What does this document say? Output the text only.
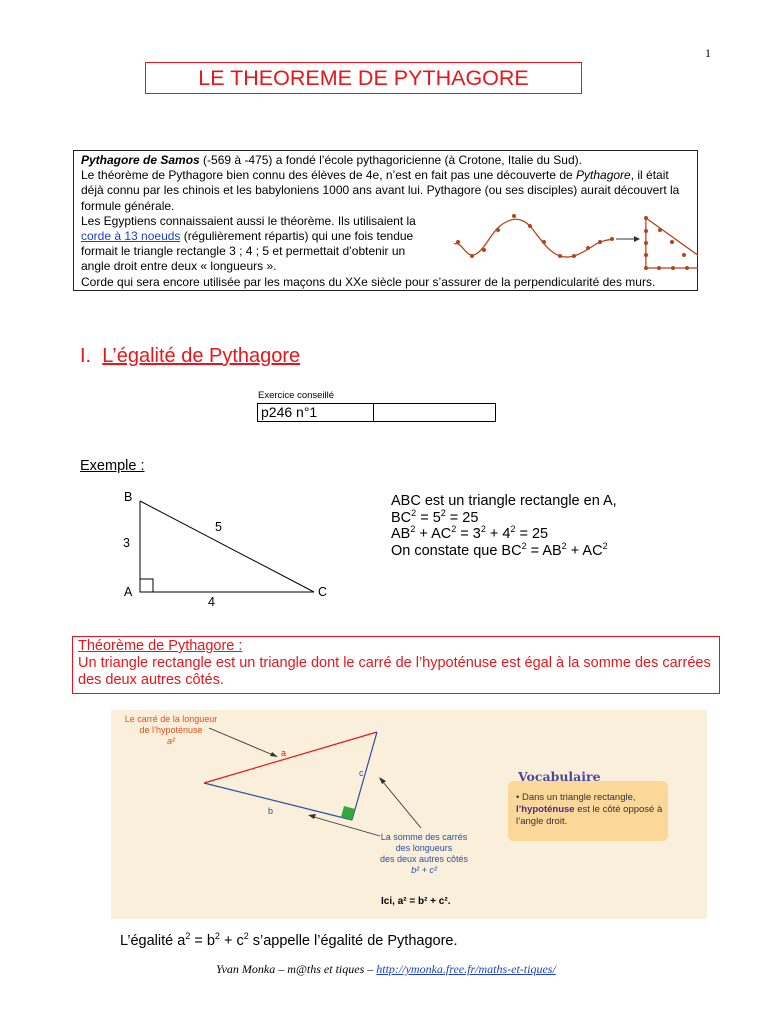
1
LE THEOREME DE PYTHAGORE

Pythagore de Samos (-569 à -475) a fondé l’école pythagoricienne (à Crotone, Italie du Sud).

Le théorème de Pythagore bien connu des élèves de 4e, n’est en fait pas une découverte de Pythagore, il était déjà connu par les chinois et les babyloniens 1000 ans avant lui. Pythagore (ou ses disciples) aurait découvert la formule générale.

Les Egyptiens connaissaient aussi le théorème. Ils utilisaient la corde à 13 noeuds (régulièrement répartis) qui une fois tendue formait le triangle rectangle 3 ; 4 ; 5 et permettait d’obtenir un angle droit entre deux « longueurs ».

Corde qui sera encore utilisée par les maçons du XXe siècle pour s’assurer de la perpendicularité des murs.

I. L’égalité de Pythagore
Exercice conseillé
p246 n°1	
Exemple :
B
A	C
3
5
4
ABC est un triangle rectangle en A,
$BC^2 = 5^2 = 25$
$AB^2 + AC^2 = 3^2 + 4^2 = 25$
On constate que $BC^2 = AB^2 + AC^2$
Théorème de Pythagore :
Un triangle rectangle est un triangle dont le carré de l’hypoténuse est égal à la somme des carrées des deux autres côtés.
a
b
c
Le carré de la longueur
de l’hypoténuse
a²
La somme des carrés
des longueurs
des deux autres côtés
b² + c²
Ici, a² = b² + c².
Vocabulaire
• Dans un triangle rectangle, l’hypoténuse est le côté opposé à l’angle droit.
L’égalité $a^2 = b^2 + c^2$ s’appelle l’égalité de Pythagore.
Yvan Monka – m@ths et tiques – http://ymonka.free.fr/maths-et-tiques/
